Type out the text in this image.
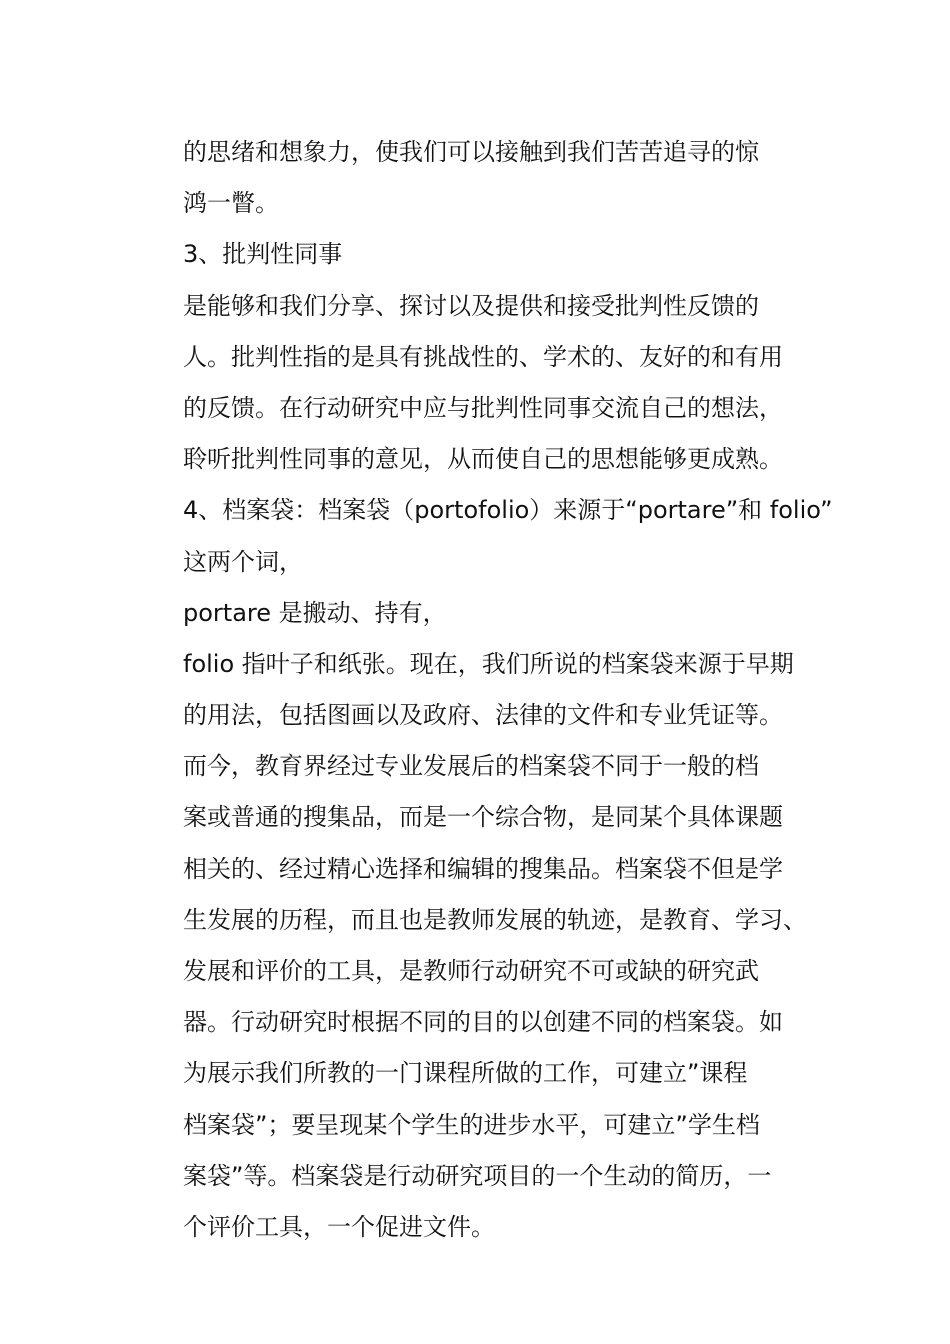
的思绪和想象力，使我们可以接触到我们苦苦追寻的惊
鸿一瞥。
3、批判性同事
是能够和我们分享、探讨以及提供和接受批判性反馈的
人。批判性指的是具有挑战性的、学术的、友好的和有用
的反馈。在行动研究中应与批判性同事交流自己的想法，
聆听批判性同事的意见，从而使自己的思想能够更成熟。
4、档案袋：档案袋（portofolio）来源于“portare”和 folio”
这两个词，
portare 是搬动、持有，
folio 指叶子和纸张。现在，我们所说的档案袋来源于早期
的用法，包括图画以及政府、法律的文件和专业凭证等。
而今，教育界经过专业发展后的档案袋不同于一般的档
案或普通的搜集品，而是一个综合物，是同某个具体课题
相关的、经过精心选择和编辑的搜集品。档案袋不但是学
生发展的历程，而且也是教师发展的轨迹，是教育、学习、
发展和评价的工具，是教师行动研究不可或缺的研究武
器。行动研究时根据不同的目的以创建不同的档案袋。如
为展示我们所教的一门课程所做的工作，可建立”课程
档案袋”；要呈现某个学生的进步水平，可建立”学生档
案袋”等。档案袋是行动研究项目的一个生动的简历，一
个评价工具，一个促进文件。
